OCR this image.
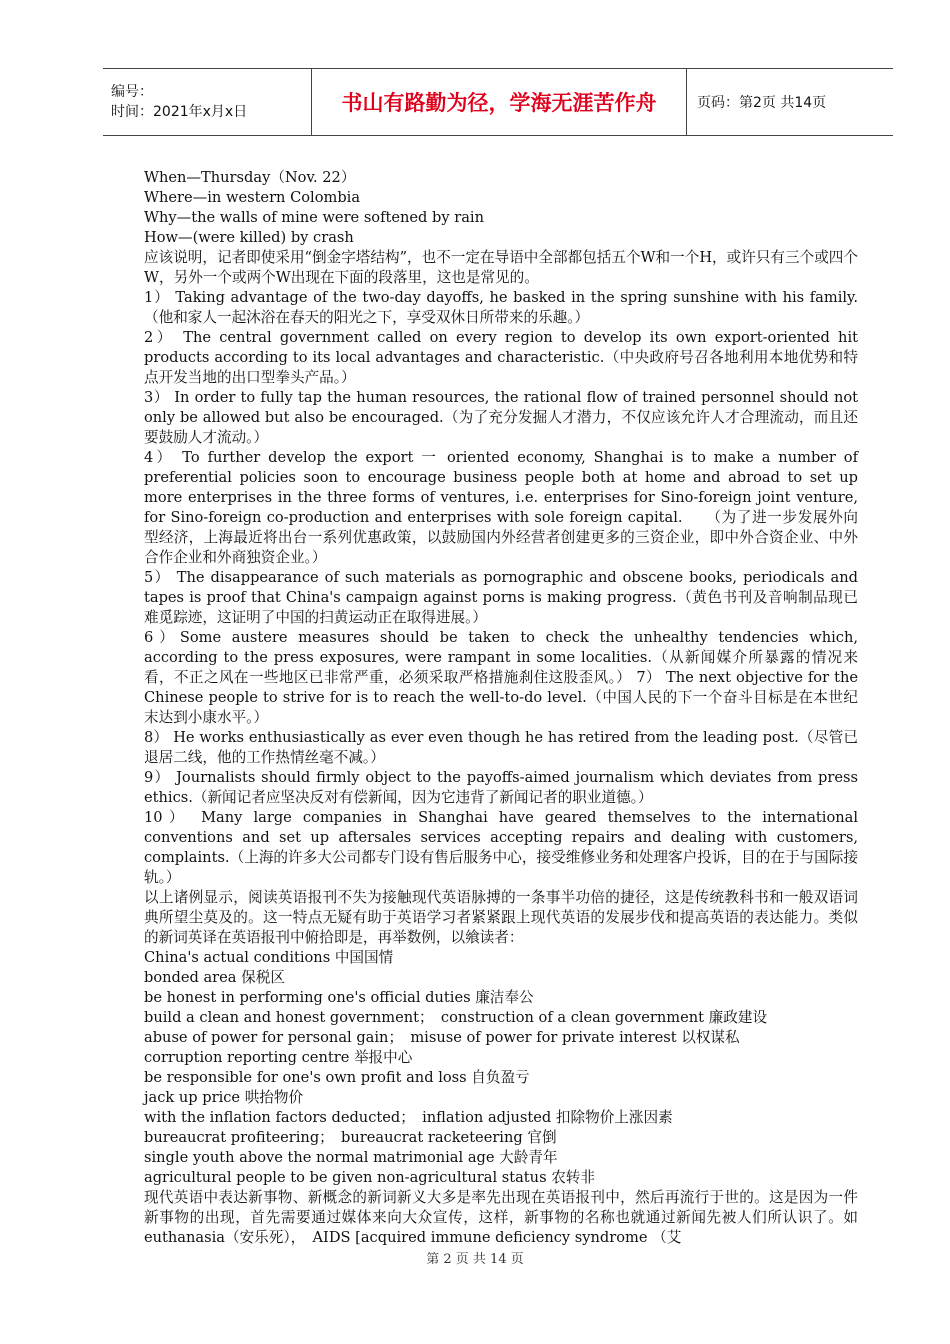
编号：
时间：2021年x月x日	书山有路勤为径，学海无涯苦作舟	页码：第2页 共14页

When—Thursday（Nov. 22）

Where—in western Colombia

Why—the walls of mine were softened by rain

How—(were killed) by crash

应该说明，记者即使采用“倒金字塔结构”，也不一定在导语中全部都包括五个W和一个H，或许只有三个或四个W，另外一个或两个W出现在下面的段落里，这也是常见的。

1） Taking advantage of the two-day dayoffs, he basked in the spring sunshine with his family.（他和家人一起沐浴在春天的阳光之下，享受双休日所带来的乐趣。）

2） The central government called on every region to develop its own export-oriented hit products according to its local advantages and characteristic.（中央政府号召各地利用本地优势和特点开发当地的出口型拳头产品。）

3） In order to fully tap the human resources, the rational flow of trained personnel should not only be allowed but also be encouraged.（为了充分发掘人才潜力，不仅应该允许人才合理流动，而且还要鼓励人才流动。）

4） To further develop the export 一 oriented economy, Shanghai is to make a number of preferential policies soon to encourage business people both at home and abroad to set up more enterprises in the three forms of ventures, i.e. enterprises for Sino-foreign joint venture, for Sino-foreign co-production and enterprises with sole foreign capital.　　（为了进一步发展外向型经济，上海最近将出台一系列优惠政策，以鼓励国内外经营者创建更多的三资企业，即中外合资企业、中外合作企业和外商独资企业。）

5） The disappearance of such materials as pornographic and obscene books, periodicals and tapes is proof that China's campaign against porns is making progress.（黄色书刊及音响制品现已难觅踪迹，这证明了中国的扫黄运动正在取得进展。）

6）Some austere measures should be taken to check the unhealthy tendencies which, according to the press exposures, were rampant in some localities.（从新闻媒介所暴露的情况来看，不正之风在一些地区已非常严重，必须采取严格措施刹住这股歪风。） 7） The next objective for the Chinese people to strive for is to reach the well-to-do level.（中国人民的下一个奋斗目标是在本世纪末达到小康水平。）

8） He works enthusiastically as ever even though he has retired from the leading post.（尽管已退居二线，他的工作热情丝毫不减。）

9） Journalists should firmly object to the payoffs-aimed journalism which deviates from press ethics.（新闻记者应坚决反对有偿新闻，因为它违背了新闻记者的职业道德。）

10） Many large companies in Shanghai have geared themselves to the international conventions and set up aftersales services accepting repairs and dealing with customers, complaints.（上海的许多大公司都专门设有售后服务中心，接受维修业务和处理客户投诉，目的在于与国际接轨。）

以上诸例显示，阅读英语报刊不失为接触现代英语脉搏的一条事半功倍的捷径，这是传统教科书和一般双语词典所望尘莫及的。这一特点无疑有助于英语学习者紧紧跟上现代英语的发展步伐和提高英语的表达能力。类似的新词英译在英语报刊中俯拾即是，再举数例，以飨读者：

China's actual conditions 中国国情

bonded area 保税区

be honest in performing one's official duties 廉洁奉公

build a clean and honest government；　construction of a clean government 廉政建设

abuse of power for personal gain；　misuse of power for private interest 以权谋私

corruption reporting centre 举报中心

be responsible for one's own profit and loss 自负盈亏

jack up price 哄抬物价

with the inflation factors deducted；　inflation adjusted 扣除物价上涨因素

bureaucrat profiteering；　bureaucrat racketeering 官倒

single youth above the normal matrimonial age 大龄青年

agricultural people to be given non-agricultural status 农转非

现代英语中表达新事物、新概念的新词新义大多是率先出现在英语报刊中，然后再流行于世的。这是因为一件新事物的出现，首先需要通过媒体来向大众宣传，这样，新事物的名称也就通过新闻先被人们所认识了。如euthanasia（安乐死），　AIDS [acquired immune deficiency syndrome （艾

第 2 页 共 14 页
